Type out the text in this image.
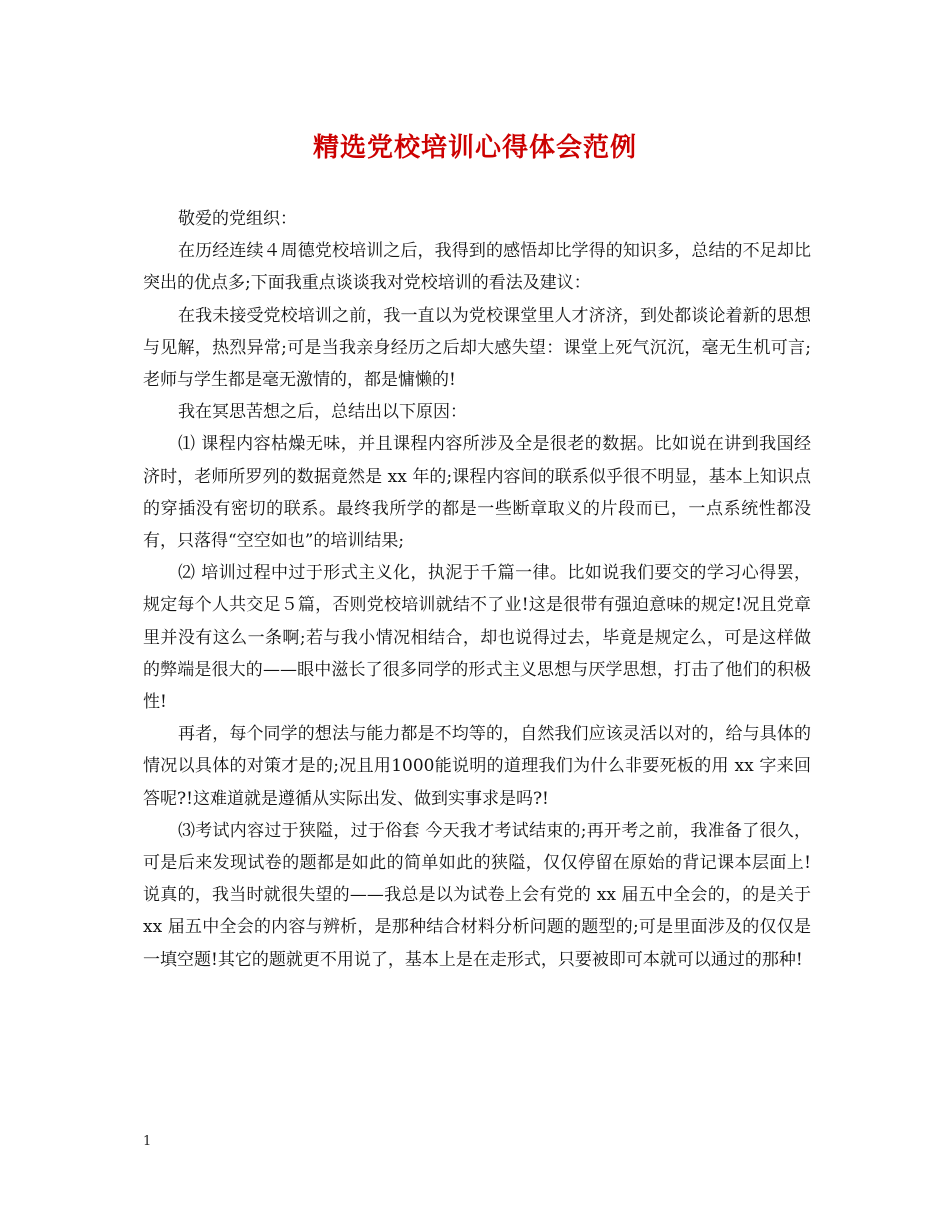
精选党校培训心得体会范例

敬爱的党组织：

在历经连续４周德党校培训之后，我得到的感悟却比学得的知识多，总结的不足却比突出的优点多;下面我重点谈谈我对党校培训的看法及建议：

在我未接受党校培训之前，我一直以为党校课堂里人才济济，到处都谈论着新的思想与见解，热烈异常;可是当我亲身经历之后却大感失望：课堂上死气沉沉，毫无生机可言;老师与学生都是毫无激情的，都是慵懒的!

我在冥思苦想之后，总结出以下原因：

⑴ 课程内容枯燥无味，并且课程内容所涉及全是很老的数据。比如说在讲到我国经济时，老师所罗列的数据竟然是 xx 年的;课程内容间的联系似乎很不明显，基本上知识点的穿插没有密切的联系。最终我所学的都是一些断章取义的片段而已，一点系统性都没有，只落得“空空如也”的培训结果;

⑵ 培训过程中过于形式主义化，执泥于千篇一律。比如说我们要交的学习心得罢，规定每个人共交足５篇，否则党校培训就结不了业!这是很带有强迫意味的规定!况且党章里并没有这么一条啊;若与我小情况相结合，却也说得过去，毕竟是规定么，可是这样做的弊端是很大的——眼中滋长了很多同学的形式主义思想与厌学思想，打击了他们的积极性!

再者，每个同学的想法与能力都是不均等的，自然我们应该灵活以对的，给与具体的情况以具体的对策才是的;况且用1000能说明的道理我们为什么非要死板的用 xx 字来回答呢?!这难道就是遵循从实际出发、做到实事求是吗?!

⑶考试内容过于狭隘，过于俗套 今天我才考试结束的;再开考之前，我准备了很久，可是后来发现试卷的题都是如此的简单如此的狭隘，仅仅停留在原始的背记课本层面上!说真的，我当时就很失望的——我总是以为试卷上会有党的 xx 届五中全会的，的是关于 xx 届五中全会的内容与辨析，是那种结合材料分析问题的题型的;可是里面涉及的仅仅是一填空题!其它的题就更不用说了，基本上是在走形式，只要被即可本就可以通过的那种!

1
